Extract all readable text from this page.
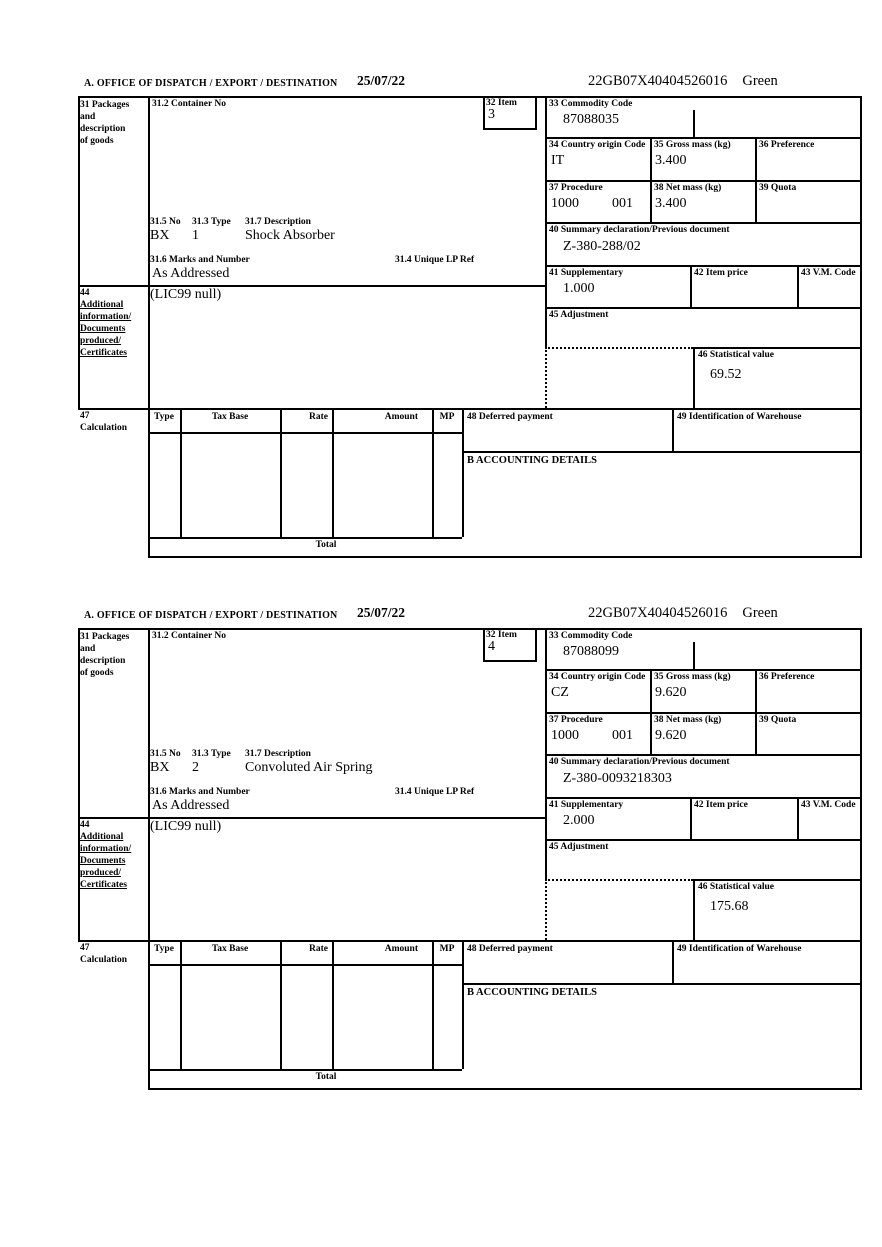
A. OFFICE OF DISPATCH / EXPORT / DESTINATION 25/07/22	22GB07X40404526016 Green
31 Packages
and
description
of goods
31.2 Container No	32 Item
3
33 Commodity Code
87088035
34 Country origin Code
IT
35 Gross mass (kg)
3.400
36 Preference
37 Procedure
1000 001
38 Net mass (kg)
3.400
39 Quota
40 Summary declaration/Previous document
Z-380-288/02
41 Supplementary
1.000
42 Item price	43 V.M. Code
45 Adjustment
46 Statistical value
69.52
31.5 No 31.3 Type 31.7 Description
BX 1	Shock Absorber
31.6 Marks and Number	31.4 Unique LP Ref
As Addressed
(LIC99 null)
44
Additional
information/
Documents
produced/
Certificates
47
Calculation
Type	Tax Base	Rate	Amount	MP
Total
48 Deferred payment	49 Identification of Warehouse
B ACCOUNTING DETAILS
A. OFFICE OF DISPATCH / EXPORT / DESTINATION 25/07/22	22GB07X40404526016 Green
31 Packages
and
description
of goods
31.2 Container No	32 Item
4
33 Commodity Code
87088099
34 Country origin Code
CZ
35 Gross mass (kg)
9.620
36 Preference
37 Procedure
1000 001
38 Net mass (kg)
9.620
39 Quota
40 Summary declaration/Previous document
Z-380-0093218303
41 Supplementary
2.000
42 Item price	43 V.M. Code
45 Adjustment
46 Statistical value
175.68
31.5 No 31.3 Type 31.7 Description
BX 2	Convoluted Air Spring
31.6 Marks and Number	31.4 Unique LP Ref
As Addressed
(LIC99 null)
44
Additional
information/
Documents
produced/
Certificates
47
Calculation
Type	Tax Base	Rate	Amount	MP
Total
48 Deferred payment	49 Identification of Warehouse
B ACCOUNTING DETAILS
